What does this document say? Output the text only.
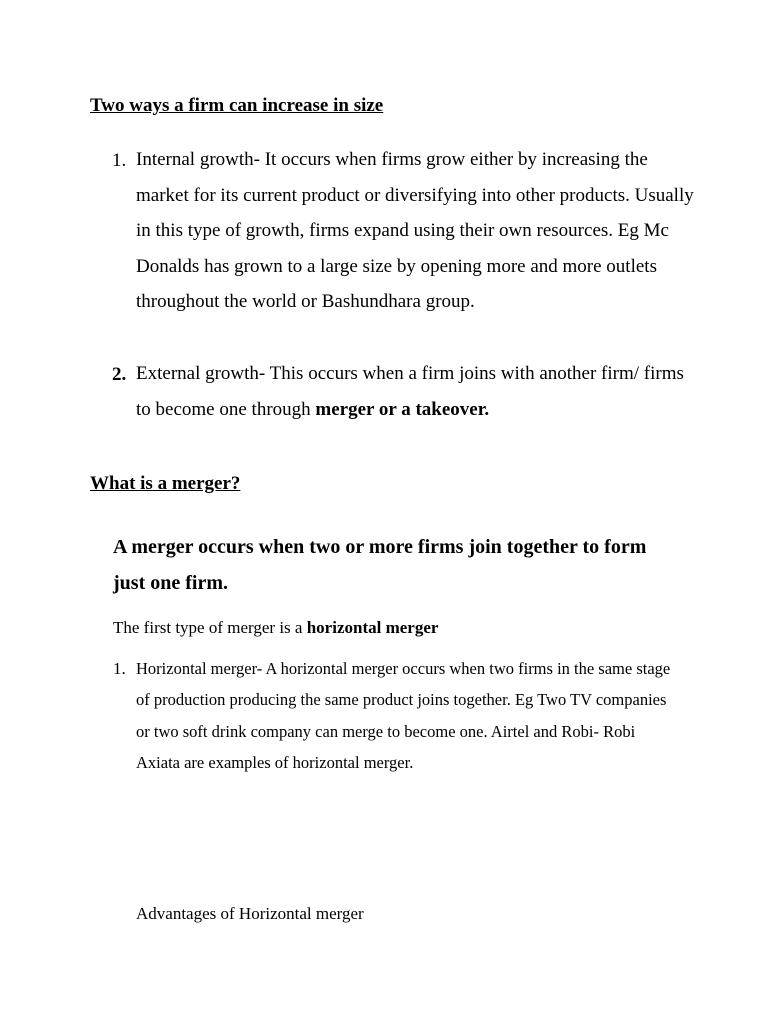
Two ways a firm can increase in size
1. Internal growth- It occurs when firms grow either by increasing the market for its current product or diversifying into other products. Usually in this type of growth, firms expand using their own resources. Eg Mc Donalds has grown to a large size by opening more and more outlets throughout the world or Bashundhara group.

2. External growth- This occurs when a firm joins with another firm/ firms to become one through merger or a takeover.

What is a merger?

A merger occurs when two or more firms join together to form just one firm.

The first type of merger is a horizontal merger

1. Horizontal merger- A horizontal merger occurs when two firms in the same stage of production producing the same product joins together. Eg Two TV companies or two soft drink company can merge to become one. Airtel and Robi- Robi Axiata are examples of horizontal merger.

Advantages of Horizontal merger
